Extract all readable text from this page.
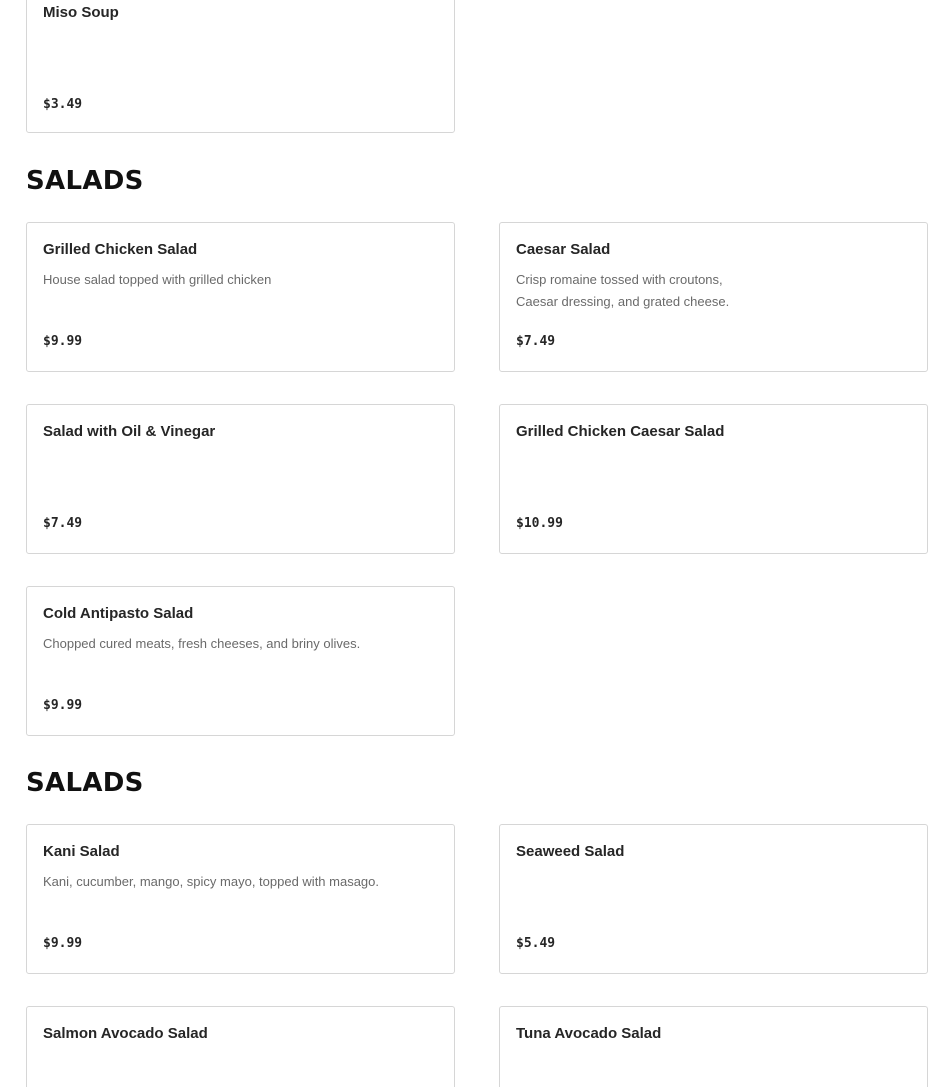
Miso Soup
$3.49
SALADS
Grilled Chicken Salad
House salad topped with grilled chicken
$9.99
Caesar Salad
Crisp romaine tossed with croutons, Caesar dressing, and grated cheese.
$7.49
Salad with Oil & Vinegar
$7.49
Grilled Chicken Caesar Salad
$10.99
Cold Antipasto Salad
Chopped cured meats, fresh cheeses, and briny olives.
$9.99
SALADS
Kani Salad
Kani, cucumber, mango, spicy mayo, topped with masago.
$9.99
Seaweed Salad
$5.49
Salmon Avocado Salad	Tuna Avocado Salad
